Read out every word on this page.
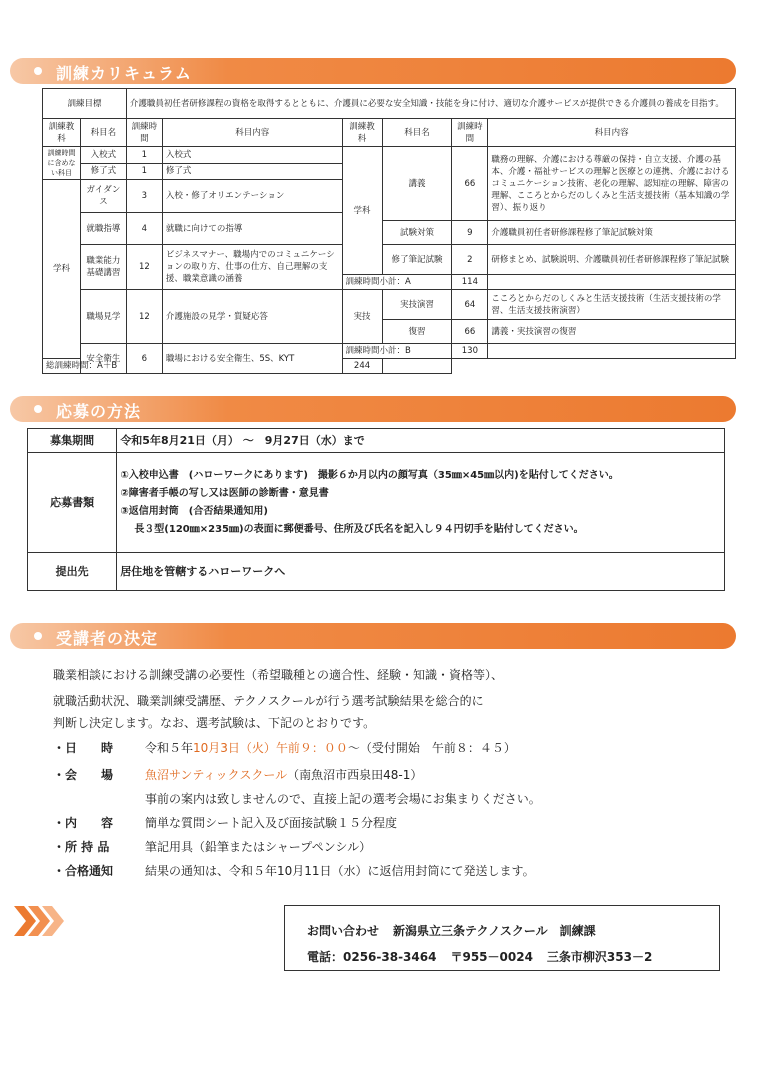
訓練カリキュラム
訓練目標		介護職員初任者研修課程の資格を取得するとともに、介護員に必要な安全知識・技能を身に付け、適切な介護サービスが提供できる介護員の養成を目指す。					
訓練教科	科目名	訓練時間	科目内容	訓練教科	科目名	訓練時間	科目内容
訓練時間に含めない科目	入校式	1	入校式	学科	講義	66	職務の理解、介護における尊厳の保持・自立支援、介護の基本、介護・福祉サービスの理解と医療との連携、介護におけるコミュニケーション技術、老化の理解、認知症の理解、障害の理解、こころとからだのしくみと生活支援技術（基本知識の学習）、振り返り
	修了式	1	修了式				
学科	ガイダンス	3	入校・修了オリエンテーション				
	就職指導	4	就職に向けての指導				
					試験対策	9	介護職員初任者研修課程修了筆記試験対策
	職業能力基礎講習	12	ビジネスマナー、職場内でのコミュニケーションの取り方、仕事の仕方、自己理解の支援、職業意識の涵養		修了筆記試験	2	研修まとめ、試験説明、介護職員初任者研修課程修了筆記試験
				訓練時間小計：A		114	
	職場見学	12	介護施設の見学・質疑応答	実技	実技演習	64	こころとからだのしくみと生活支援技術（生活支援技術の学習、生活支援技術演習）
					復習	66	講義・実技演習の復習
	安全衛生	6	職場における安全衛生、5S、KYT	訓練時間小計：B		130	
総訓練時間：A＋B				244			
応募の方法
募集期間	令和5年8月21日（月） ～　9月27日（水）まで
応募書類	①入校申込書　(ハローワークにあります)　撮影６か月以内の顔写真（35㎜×45㎜以内)を貼付してください。
②障害者手帳の写し又は医師の診断書・意見書
③返信用封筒　(合否結果通知用)
長３型(120㎜×235㎜)の表面に郵便番号、住所及び氏名を記入し９４円切手を貼付してください。

提出先	居住地を管轄するハローワークへ
受講者の決定
職業相談における訓練受講の必要性（希望職種との適合性、経験・知識・資格等）、
就職活動状況、職業訓練受講歴、テクノスクールが行う選考試験結果を総合的に
判断し決定します。なお、選考試験は、下記のとおりです。
・日　　時	令和５年10月3日（火）午前９：００～（受付開始　午前８：４５）
・会　　場	魚沼サンティックスクール（南魚沼市西泉田48-1）
事前の案内は致しませんので、直接上記の選考会場にお集まりください。
・内　　容	簡単な質問シート記入及び面接試験１５分程度
・所 持 品	筆記用具（鉛筆またはシャープペンシル）
・合格通知	結果の通知は、令和５年10月11日（水）に返信用封筒にて発送します。
お問い合わせ 新潟県立三条テクノスクール　訓練課
電話：0256-38-3464 〒955－0024 三条市柳沢353－2
